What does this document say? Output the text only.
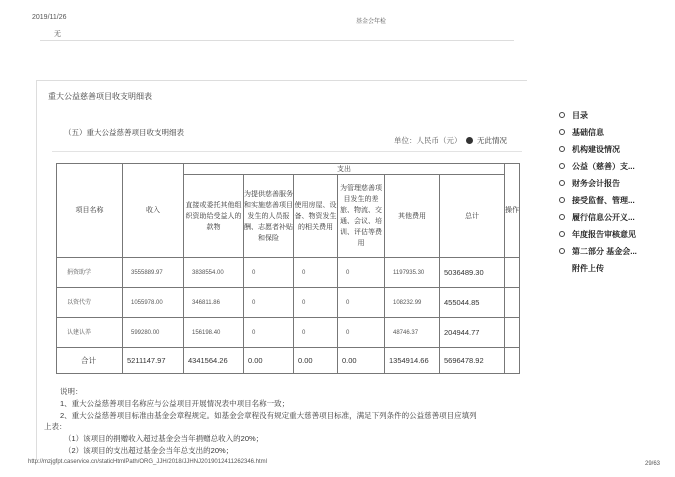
2019/11/26
基金会年检
无
重大公益慈善项目收支明细表
（五）重大公益慈善项目收支明细表
单位：人民币（元） 无此情况
项目名称	收入	支出						操作
		直接或委托其他组织资助给受益人的款物	为提供慈善服务和实施慈善项目发生的人员报酬、志愿者补贴和保险	使用房屋、设备、物资发生的相关费用	为管理慈善项目发生的差旅、物流、交通、会议、培训、评估等费用	其他费用	总计	
捐资助学	3555889.97	3838554.00	0	0	0	1197935.30	5036489.30	
以资代劳	1055978.00	346811.86	0	0	0	108232.99	455044.85	
认建认养	599280.00	156198.40	0	0	0	48746.37	204944.77	
合计	5211147.97	4341564.26	0.00	0.00	0.00	1354914.66	5696478.92	
说明：
1、重大公益慈善项目名称应与公益项目开展情况表中项目名称一致；
2、重大公益慈善项目标准由基金会章程规定。如基金会章程没有规定重大慈善项目标准，满足下列条件的公益慈善项目应填列
上表：
（1）该项目的捐赠收入超过基金会当年捐赠总收入的20%；
（2）该项目的支出超过基金会当年总支出的20%；
http://mzjgfpt.caservice.cn/staticHtmlPath/ORG_JJH/2018/JJHNJ2019012411262346.html	29/63
目录
基础信息
机构建设情况
公益（慈善）支...
财务会计报告
接受监督、管理...
履行信息公开义...
年度报告审核意见
第二部分 基金会...
附件上传
